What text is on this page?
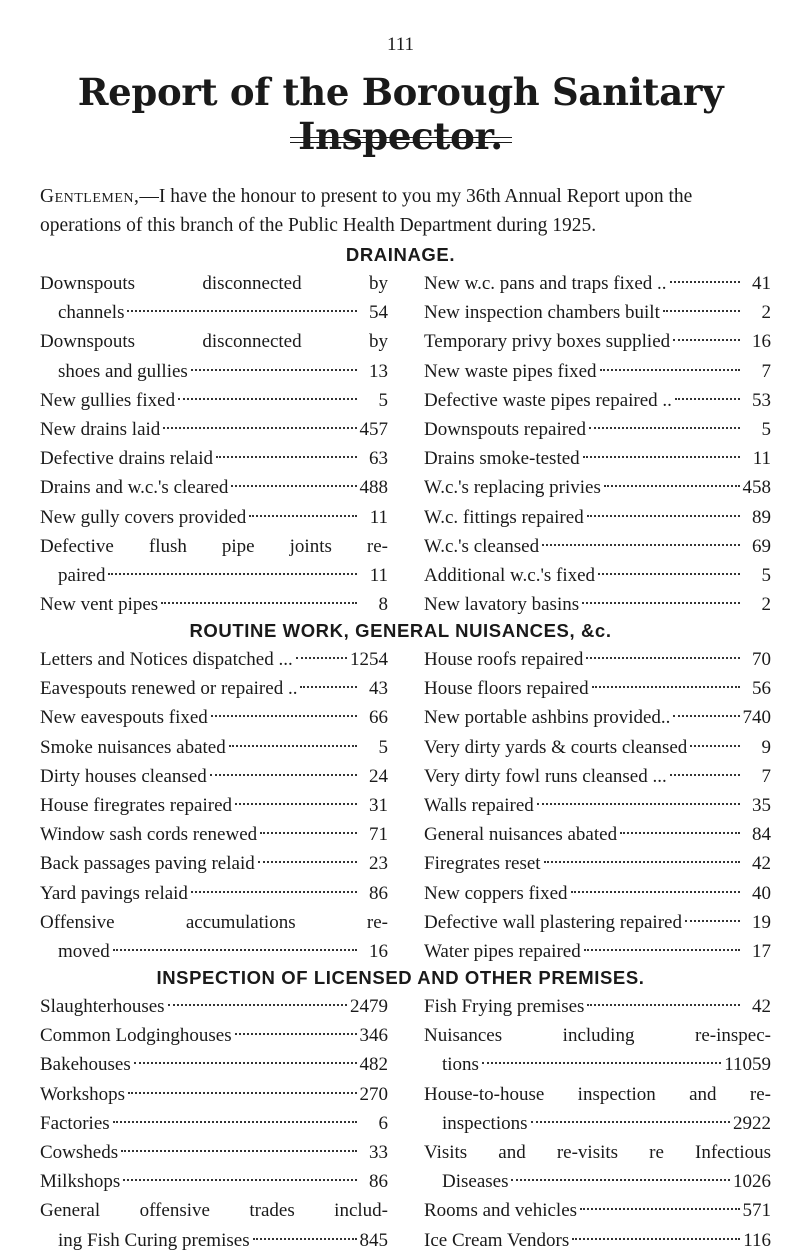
111
Report of the Borough Sanitary Inspector.
Gentlemen,—I have the honour to present to you my 36th Annual Report upon the operations of this branch of the Public Health Department during 1925.
DRAINAGE.
Downspouts disconnected by
channels	54
Downspouts disconnected by
shoes and gullies	13
New gullies fixed	5
New drains laid	457
Defective drains relaid	63
Drains and w.c.'s cleared	488
New gully covers provided	11
Defective flush pipe joints re-
paired	11
New vent pipes	8
New w.c. pans and traps fixed ..	41
New inspection chambers built	2
Temporary privy boxes supplied	16
New waste pipes fixed	7
Defective waste pipes repaired ..	53
Downspouts repaired	5
Drains smoke-tested	11
W.c.'s replacing privies	458
W.c. fittings repaired	89
W.c.'s cleansed	69
Additional w.c.'s fixed	5
New lavatory basins	2
ROUTINE WORK, GENERAL NUISANCES, &c.
Letters and Notices dispatched ...	1254
Eavespouts renewed or repaired ..	43
New eavespouts fixed	66
Smoke nuisances abated	5
Dirty houses cleansed	24
House firegrates repaired	31
Window sash cords renewed	71
Back passages paving relaid	23
Yard pavings relaid	86
Offensive accumulations re-
moved	16
House roofs repaired	70
House floors repaired	56
New portable ashbins provided..	740
Very dirty yards & courts cleansed	9
Very dirty fowl runs cleansed ...	7
Walls repaired	35
General nuisances abated	84
Firegrates reset	42
New coppers fixed	40
Defective wall plastering repaired	19
Water pipes repaired	17
INSPECTION OF LICENSED AND OTHER PREMISES.
Slaughterhouses	2479
Common Lodginghouses	346
Bakehouses	482
Workshops	270
Factories	6
Cowsheds	33
Milkshops	86
General offensive trades includ-
ing Fish Curing premises	845
Fish Frying premises	42
Nuisances including re-inspec-
tions	11059
House-to-house inspection and re-
inspections	2922
Visits and re-visits re Infectious
Diseases	1026
Rooms and vehicles	571
Ice Cream Vendors	116
